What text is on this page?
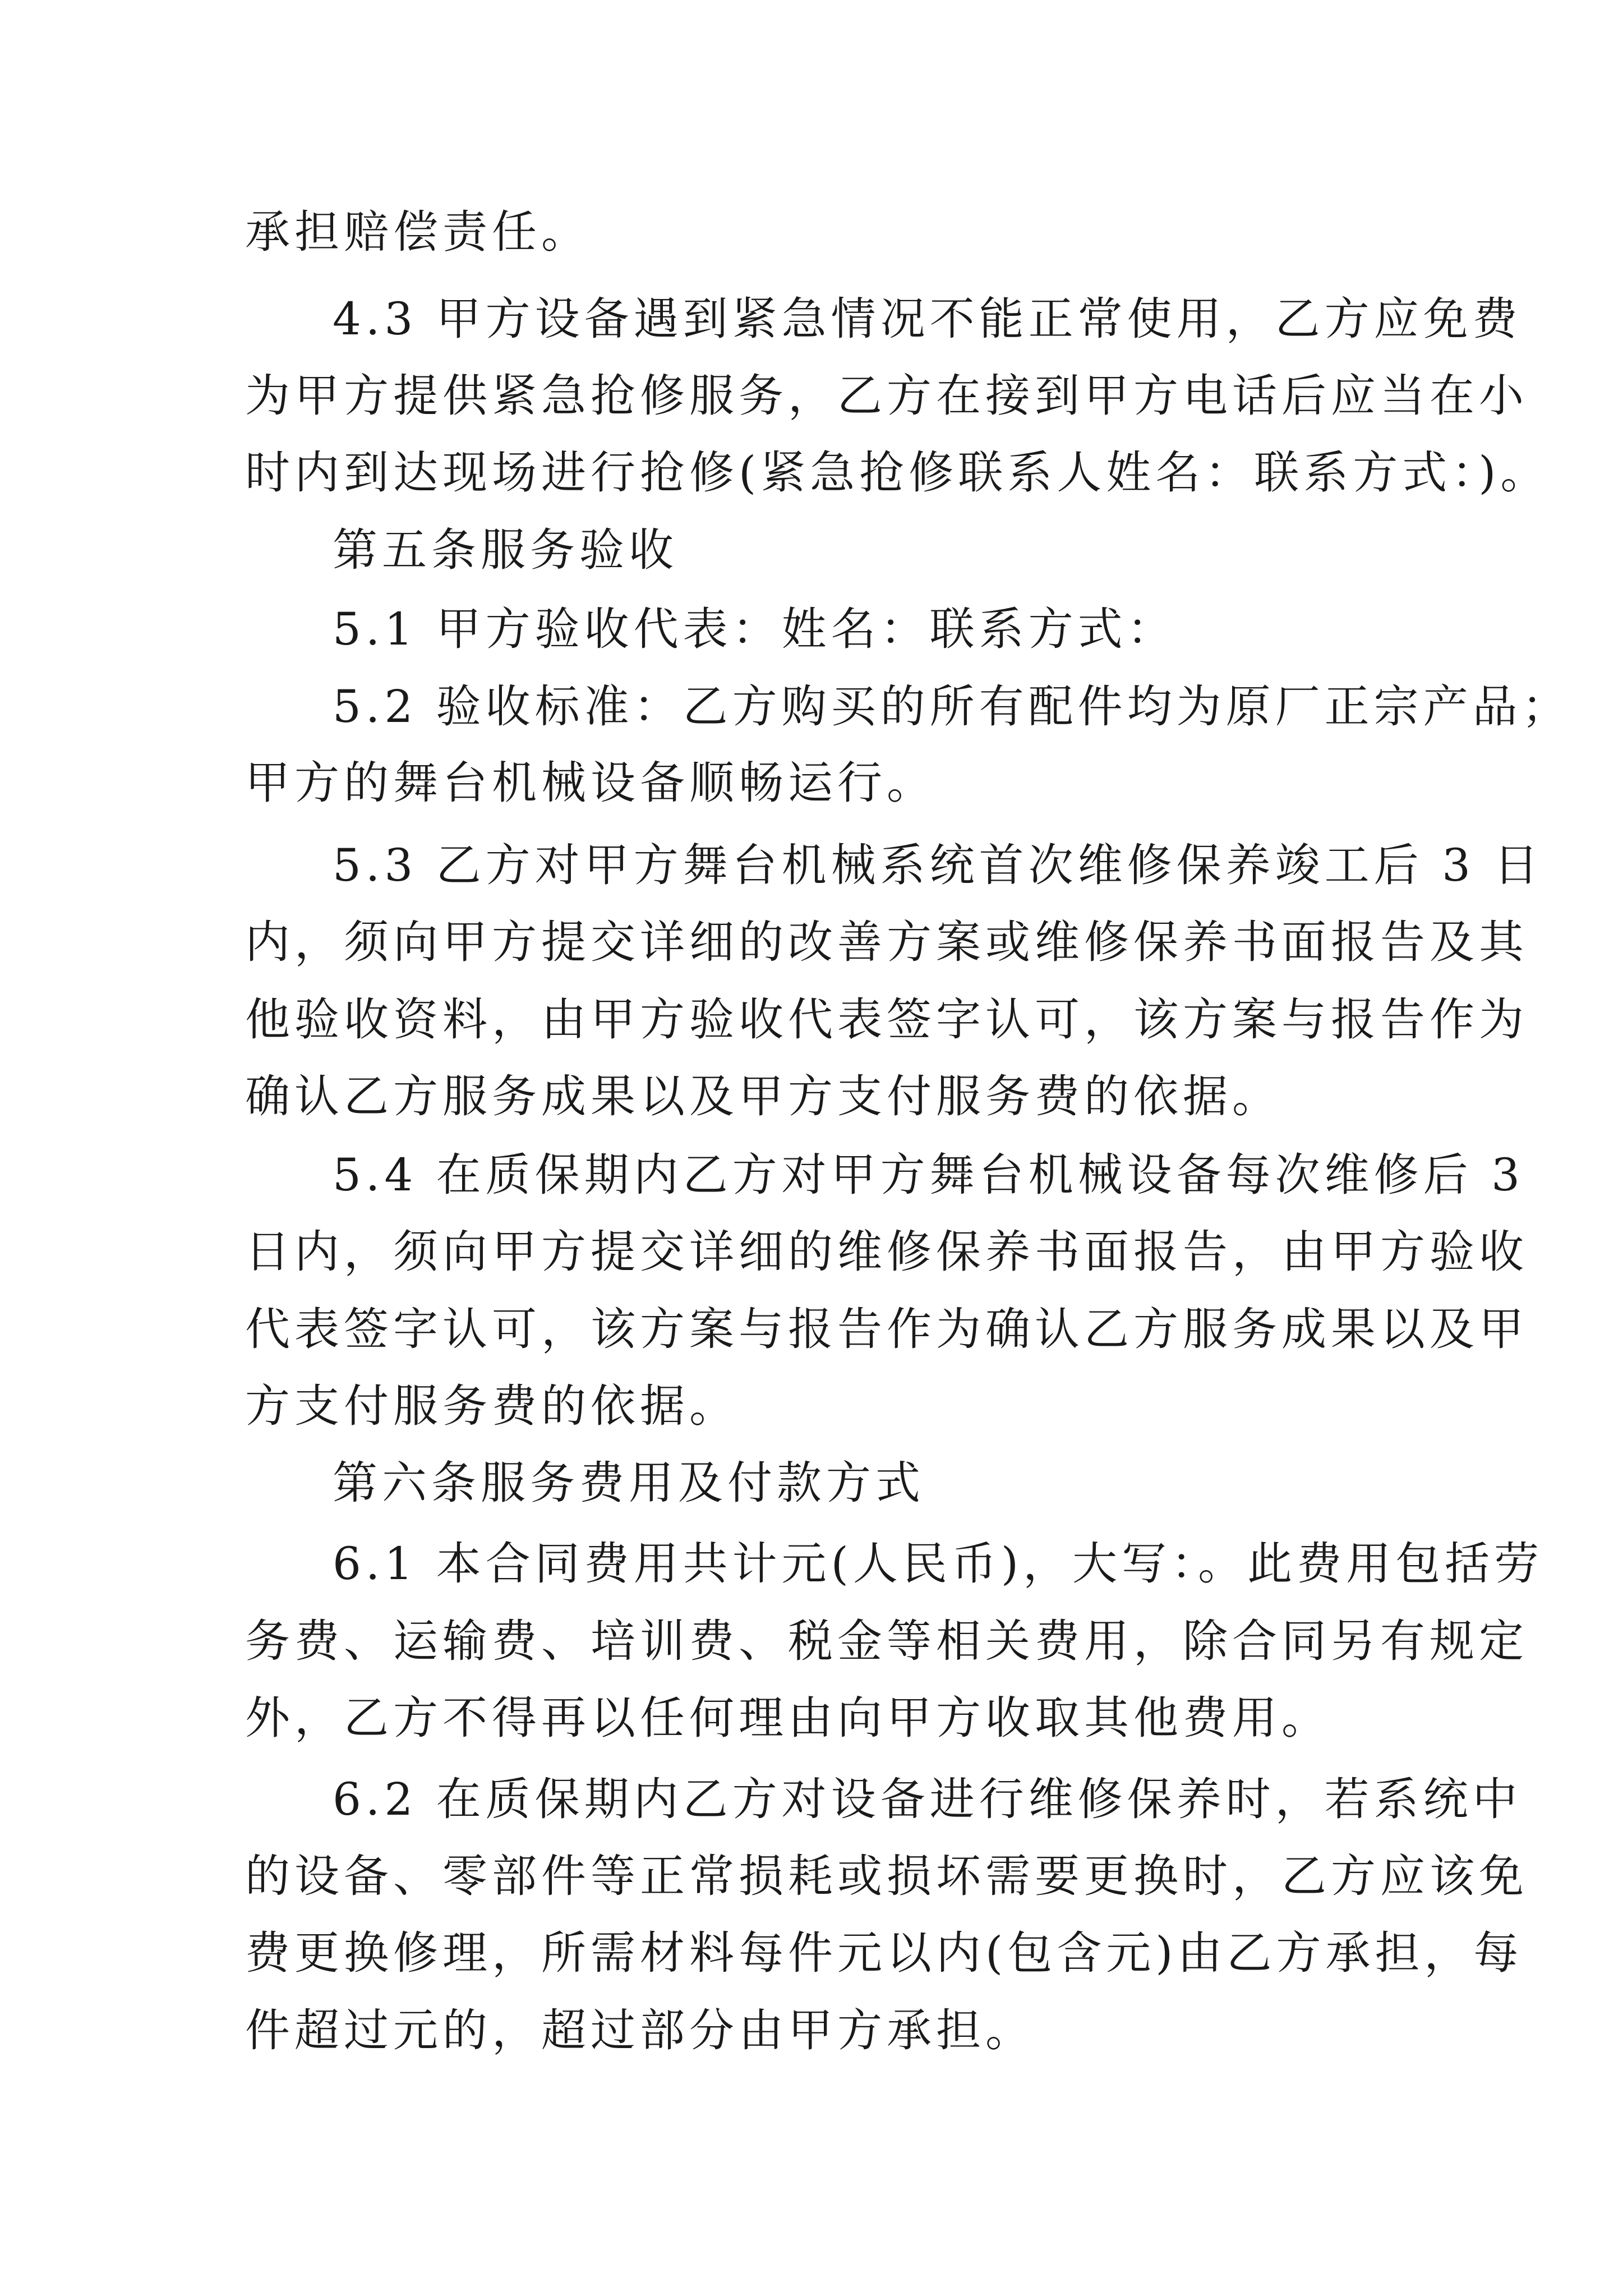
承担赔偿责任。
4.3 甲方设备遇到紧急情况不能正常使用，乙方应免费
为甲方提供紧急抢修服务，乙方在接到甲方电话后应当在小
时内到达现场进行抢修(紧急抢修联系人姓名：联系方式：)。
第五条服务验收
5.1 甲方验收代表：姓名：联系方式：
5.2 验收标准：乙方购买的所有配件均为原厂正宗产品；
甲方的舞台机械设备顺畅运行。
5.3 乙方对甲方舞台机械系统首次维修保养竣工后 3 日
内，须向甲方提交详细的改善方案或维修保养书面报告及其
他验收资料，由甲方验收代表签字认可，该方案与报告作为
确认乙方服务成果以及甲方支付服务费的依据。
5.4 在质保期内乙方对甲方舞台机械设备每次维修后 3
日内，须向甲方提交详细的维修保养书面报告，由甲方验收
代表签字认可，该方案与报告作为确认乙方服务成果以及甲
方支付服务费的依据。
第六条服务费用及付款方式
6.1 本合同费用共计元(人民币)，大写：。此费用包括劳
务费、运输费、培训费、税金等相关费用，除合同另有规定
外，乙方不得再以任何理由向甲方收取其他费用。
6.2 在质保期内乙方对设备进行维修保养时，若系统中
的设备、零部件等正常损耗或损坏需要更换时，乙方应该免
费更换修理，所需材料每件元以内(包含元)由乙方承担，每
件超过元的，超过部分由甲方承担。
